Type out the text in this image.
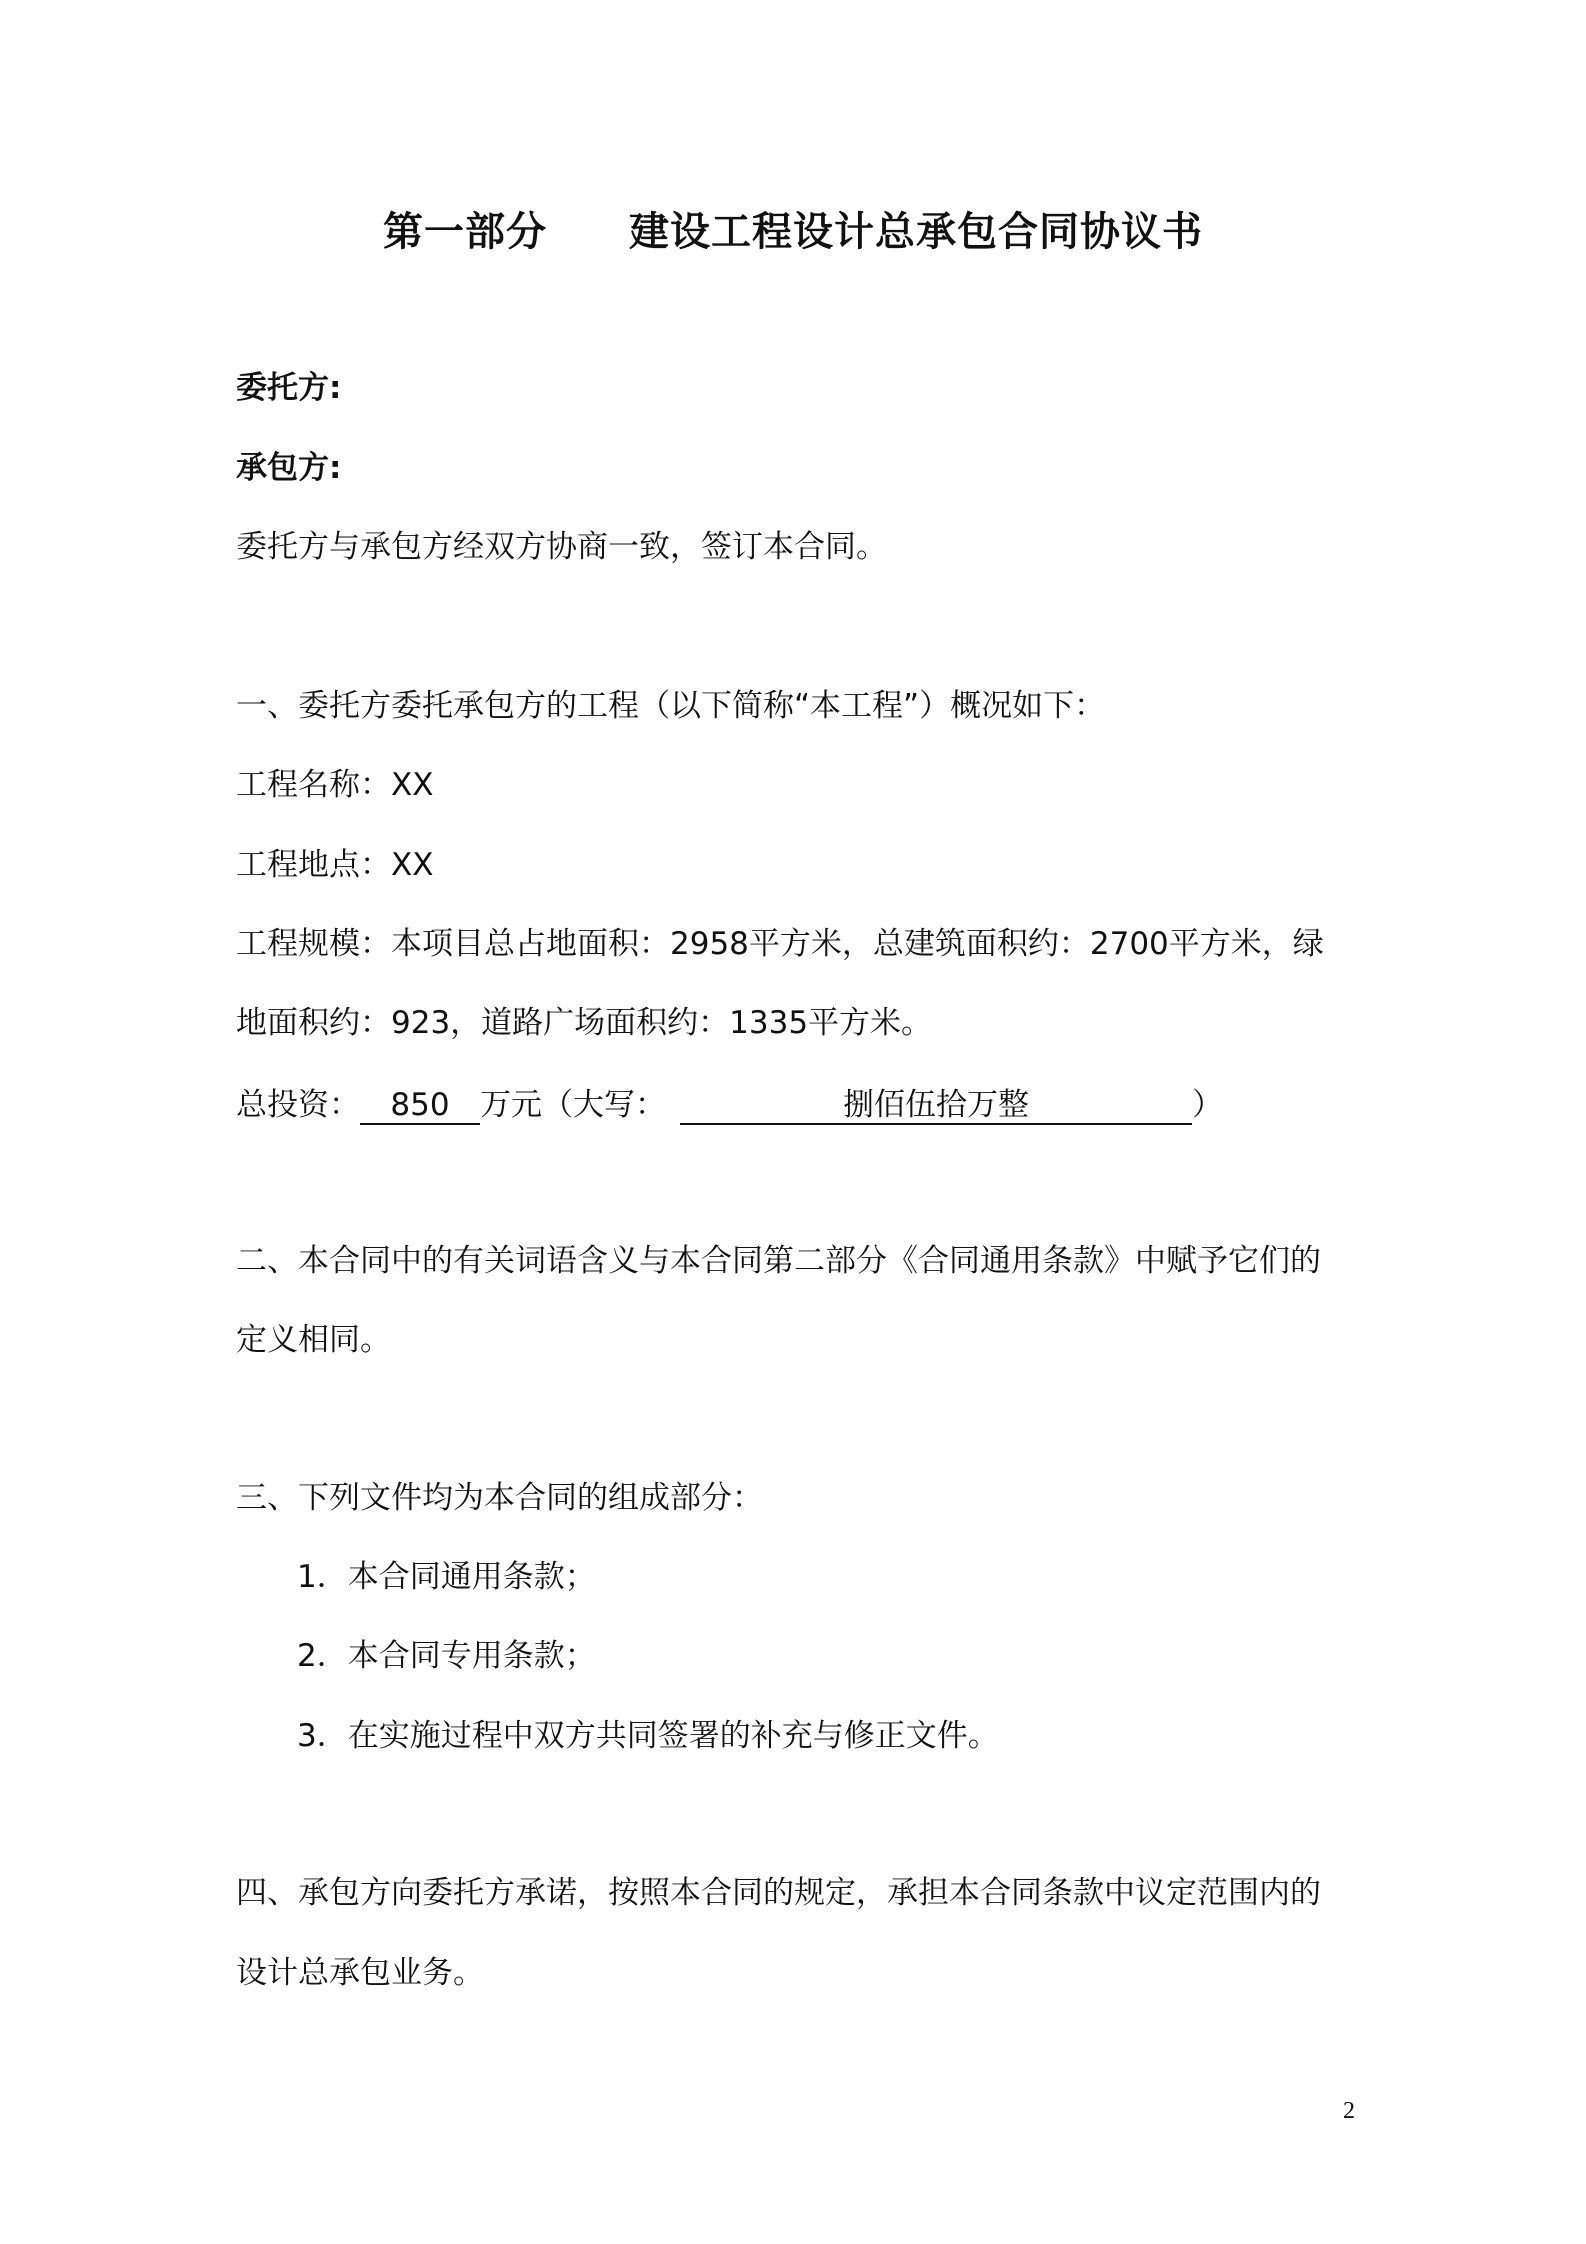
第一部分　　建设工程设计总承包合同协议书
委托方:
承包方:
委托方与承包方经双方协商一致，签订本合同。
一、委托方委托承包方的工程（以下简称“本工程”）概况如下：
工程名称：XX
工程地点：XX
工程规模：本项目总占地面积：2958平方米，总建筑面积约：2700平方米，绿
地面积约：923，道路广场面积约：1335平方米。
总投资： 850 万元（大写：	捌佰伍拾万整	）
二、本合同中的有关词语含义与本合同第二部分《合同通用条款》中赋予它们的
定义相同。
三、下列文件均为本合同的组成部分：
1．本合同通用条款；
2．本合同专用条款；
3．在实施过程中双方共同签署的补充与修正文件。
四、承包方向委托方承诺，按照本合同的规定，承担本合同条款中议定范围内的
设计总承包业务。
2
